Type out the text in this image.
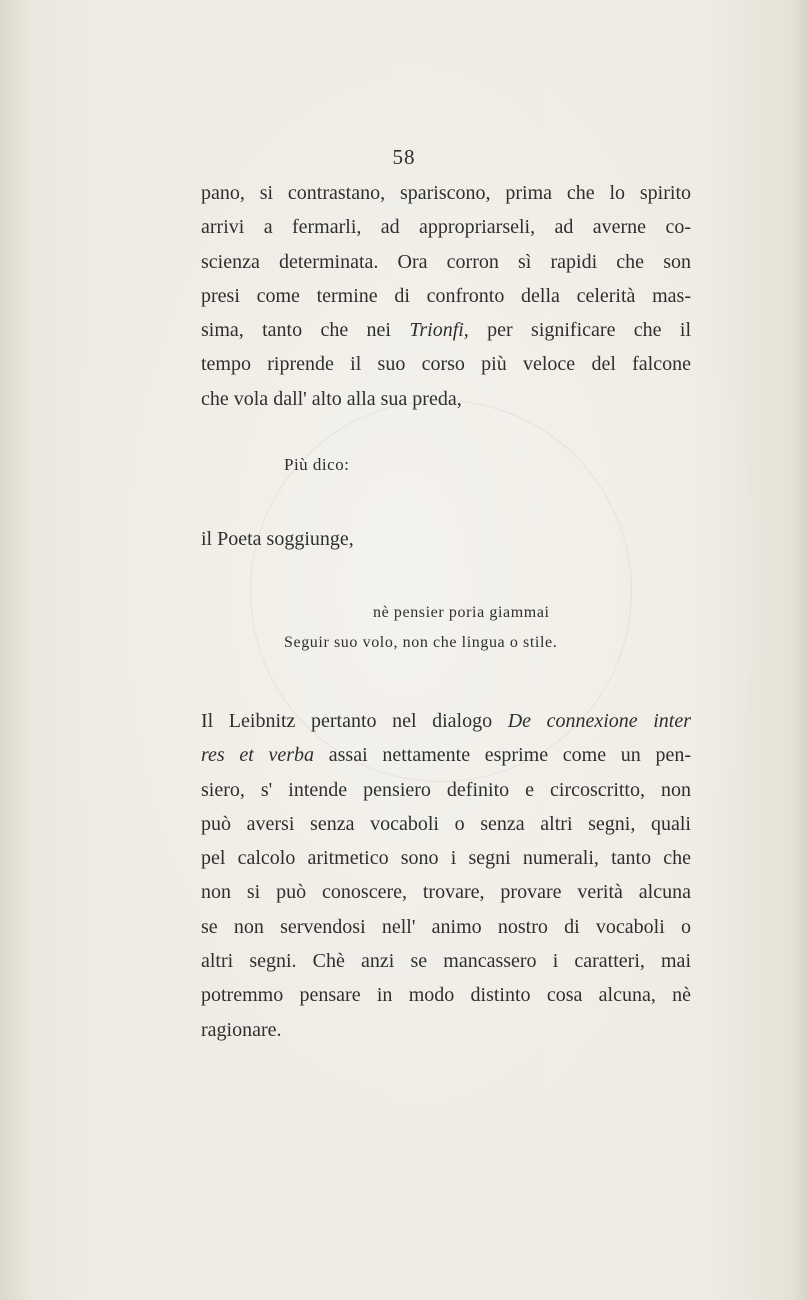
58
pano, si contrastano, spariscono, prima che lo spirito
arrivi a fermarli, ad appropriarseli, ad averne co-
scienza determinata. Ora corron sì rapidi che son
presi come termine di confronto della celerità mas-
sima, tanto che nei Trionfi, per significare che il
tempo riprende il suo corso più veloce del falcone
che vola dall' alto alla sua preda,
Più dico:
il Poeta soggiunge,
nè pensier poria giammai
Seguir suo volo, non che lingua o stile.
Il Leibnitz pertanto nel dialogo De connexione inter
res et verba assai nettamente esprime come un pen-
siero, s' intende pensiero definito e circoscritto, non
può aversi senza vocaboli o senza altri segni, quali
pel calcolo aritmetico sono i segni numerali, tanto che
non si può conoscere, trovare, provare verità alcuna
se non servendosi nell' animo nostro di vocaboli o
altri segni. Chè anzi se mancassero i caratteri, mai
potremmo pensare in modo distinto cosa alcuna, nè
ragionare.
